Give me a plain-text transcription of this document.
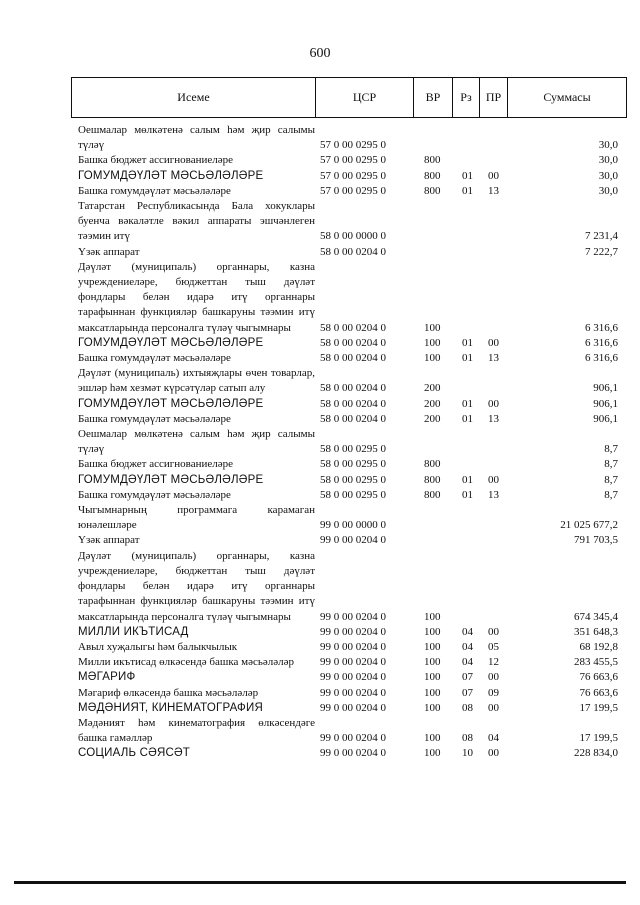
600
Исеме	ЦСР	ВР	Рз	ПР	Суммасы
Оешмалар мөлкәтенә салым һәм җир салымы түләү	57 0 00 0295 0	30,0
Башка бюджет ассигнованиеләре	57 0 00 0295 0	800	30,0
ГОМУМДӘҮЛӘТ МӘСЬӘЛӘЛӘРЕ	57 0 00 0295 0	800 01 00	30,0
Башка гомумдәүләт мәсьәләләре	57 0 00 0295 0	800 01 13	30,0
Татарстан Республикасында Бала хокуклары буенча вәкаләтле вәкил аппараты эшчәнлеген тәэмин итү	58 0 00 0000 0	7 231,4
Үзәк аппарат	58 0 00 0204 0	7 222,7
Дәүләт (муниципаль) органнары, казна учреждениеләре, бюджеттан тыш дәүләт фондлары белән идарә итү органнары тарафыннан функцияләр башкаруны тәэмин итү максатларында персоналга түләү чыгымнары	58 0 00 0204 0	100	6 316,6
ГОМУМДӘҮЛӘТ МӘСЬӘЛӘЛӘРЕ	58 0 00 0204 0	100 01 00	6 316,6
Башка гомумдәүләт мәсьәләләре	58 0 00 0204 0	100 01 13	6 316,6
Дәүләт (муниципаль) ихтыяҗлары өчен товарлар, эшләр һәм хезмәт күрсәтүләр сатып алу	58 0 00 0204 0	200	906,1
ГОМУМДӘҮЛӘТ МӘСЬӘЛӘЛӘРЕ	58 0 00 0204 0	200 01 00	906,1
Башка гомумдәүләт мәсьәләләре	58 0 00 0204 0	200 01 13	906,1
Оешмалар мөлкәтенә салым һәм җир салымы түләү	58 0 00 0295 0	8,7
Башка бюджет ассигнованиеләре	58 0 00 0295 0	800	8,7
ГОМУМДӘҮЛӘТ МӘСЬӘЛӘЛӘРЕ	58 0 00 0295 0	800 01 00	8,7
Башка гомумдәүләт мәсьәләләре	58 0 00 0295 0	800 01 13	8,7
Чыгымнарның программага карамаган юнәлешләре	99 0 00 0000 0	21 025 677,2
Үзәк аппарат	99 0 00 0204 0	791 703,5
Дәүләт (муниципаль) органнары, казна учреждениеләре, бюджеттан тыш дәүләт фондлары белән идарә итү органнары тарафыннан функцияләр башкаруны тәэмин итү максатларында персоналга түләү чыгымнары	99 0 00 0204 0	100	674 345,4
МИЛЛИ ИКЪТИСАД	99 0 00 0204 0	100 04 00	351 648,3
Авыл хуҗалыгы һәм балыкчылык	99 0 00 0204 0	100 04 05	68 192,8
Милли икътисад өлкәсендә башка мәсьәләләр	99 0 00 0204 0	100 04 12	283 455,5
МӘГАРИФ	99 0 00 0204 0	100 07 00	76 663,6
Мәгариф өлкәсендә башка мәсьәләләр	99 0 00 0204 0	100 07 09	76 663,6
МӘДӘНИЯТ, КИНЕМАТОГРАФИЯ	99 0 00 0204 0	100 08 00	17 199,5
Мәдәният һәм кинематография өлкәсендәге башка гамәлләр	99 0 00 0204 0	100 08 04	17 199,5
СОЦИАЛЬ СӘЯСӘТ	99 0 00 0204 0	100 10 00	228 834,0
